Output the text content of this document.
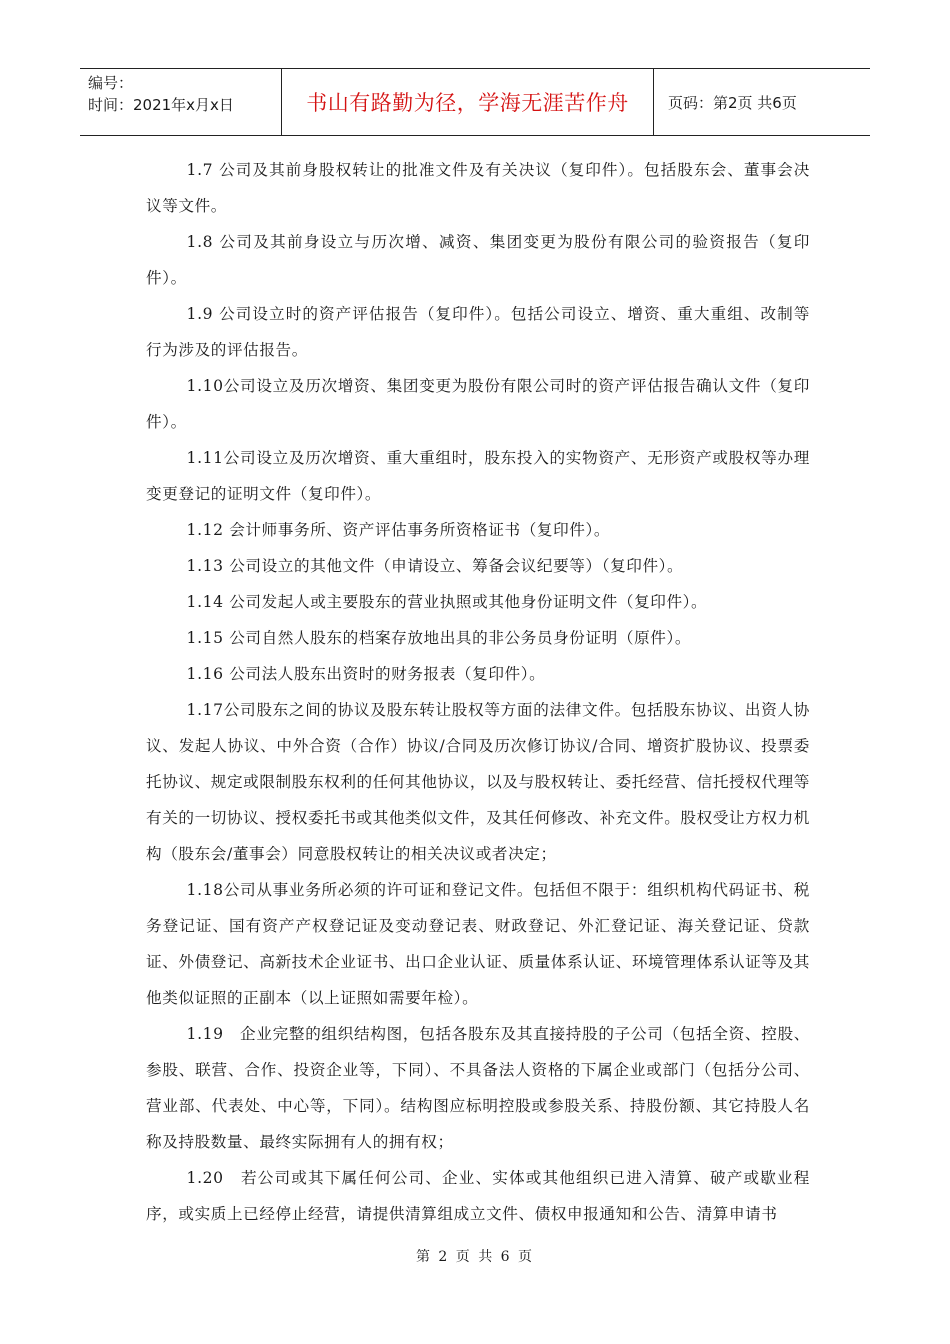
编号：
时间：2021年x月x日	书山有路勤为径，学海无涯苦作舟	页码：第2页 共6页

1.7 公司及其前身股权转让的批准文件及有关决议（复印件）。包括股东会、董事会决议等文件。

1.8 公司及其前身设立与历次增、减资、集团变更为股份有限公司的验资报告（复印件）。

1.9 公司设立时的资产评估报告（复印件）。包括公司设立、增资、重大重组、改制等行为涉及的评估报告。

1.10公司设立及历次增资、集团变更为股份有限公司时的资产评估报告确认文件（复印件）。

1.11公司设立及历次增资、重大重组时，股东投入的实物资产、无形资产或股权等办理变更登记的证明文件（复印件）。

1.12 会计师事务所、资产评估事务所资格证书（复印件）。

1.13 公司设立的其他文件（申请设立、筹备会议纪要等）（复印件）。

1.14 公司发起人或主要股东的营业执照或其他身份证明文件（复印件）。

1.15 公司自然人股东的档案存放地出具的非公务员身份证明（原件）。

1.16 公司法人股东出资时的财务报表（复印件）。

1.17公司股东之间的协议及股东转让股权等方面的法律文件。包括股东协议、出资人协议、发起人协议、中外合资（合作）协议/合同及历次修订协议/合同、增资扩股协议、投票委托协议、规定或限制股东权利的任何其他协议，以及与股权转让、委托经营、信托授权代理等有关的一切协议、授权委托书或其他类似文件，及其任何修改、补充文件。股权受让方权力机构（股东会/董事会）同意股权转让的相关决议或者决定；

1.18公司从事业务所必须的许可证和登记文件。包括但不限于：组织机构代码证书、税务登记证、国有资产产权登记证及变动登记表、财政登记、外汇登记证、海关登记证、贷款证、外债登记、高新技术企业证书、出口企业认证、质量体系认证、环境管理体系认证等及其他类似证照的正副本（以上证照如需要年检）。

1.19　企业完整的组织结构图，包括各股东及其直接持股的子公司（包括全资、控股、参股、联营、合作、投资企业等，下同）、不具备法人资格的下属企业或部门（包括分公司、营业部、代表处、中心等，下同）。结构图应标明控股或参股关系、持股份额、其它持股人名称及持股数量、最终实际拥有人的拥有权；

1.20　若公司或其下属任何公司、企业、实体或其他组织已进入清算、破产或歇业程序，或实质上已经停止经营，请提供清算组成立文件、债权申报通知和公告、清算申请书

第 2 页 共 6 页
